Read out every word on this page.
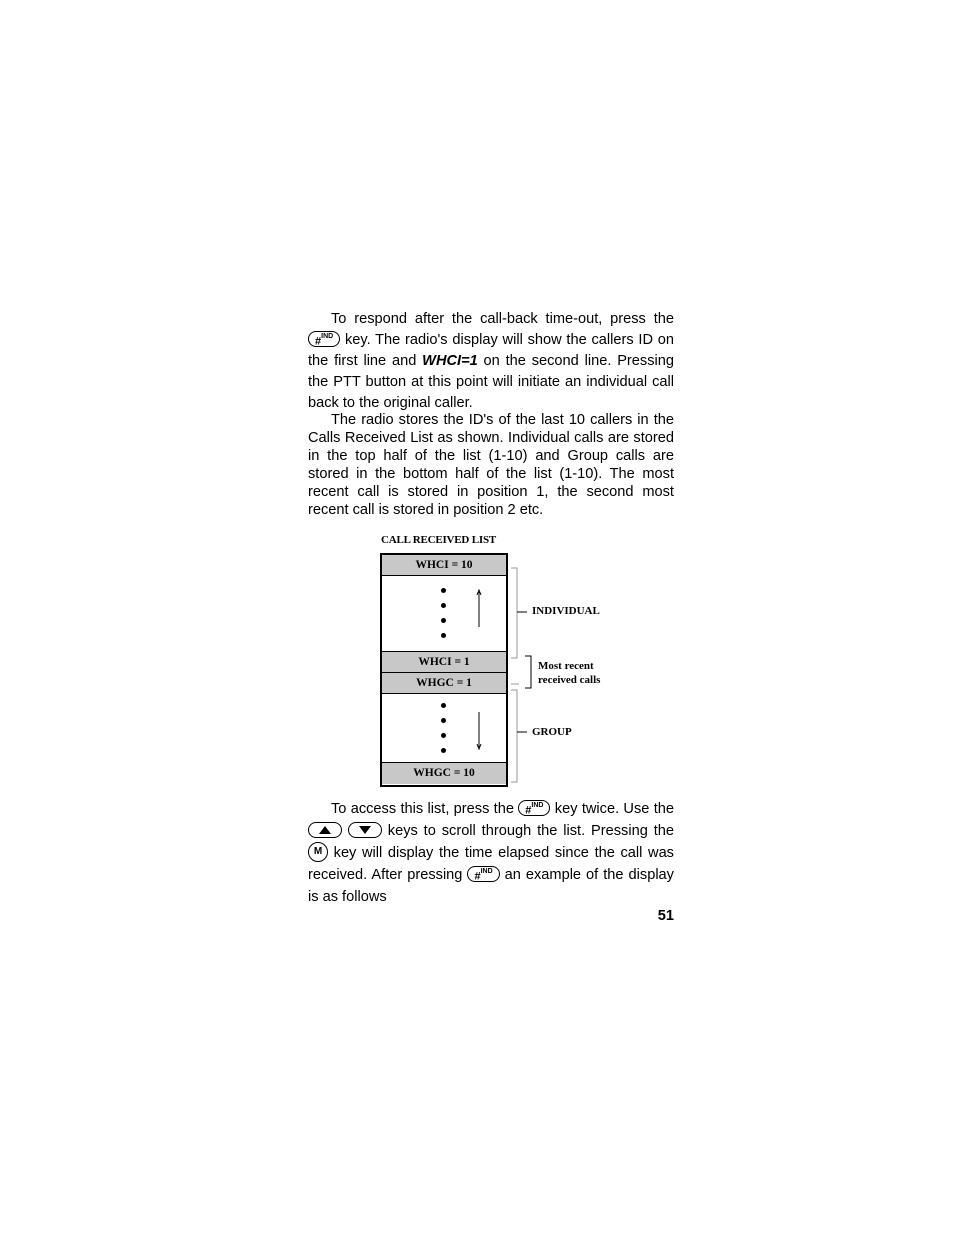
To respond after the call-back time-out, press the #$^{IND}$ key. The radio's display will show the callers ID on the first line and WHCI=1 on the second line. Pressing the PTT button at this point will initiate an individual call back to the original caller.

The radio stores the ID's of the last 10 callers in the Calls Received List as shown. Individual calls are stored in the top half of the list (1-10) and Group calls are stored in the bottom half of the list (1-10). The most recent call is stored in position 1, the second most recent call is stored in position 2 etc.

CALL RECEIVED LIST
WHCI = 10
WHCI = 1
WHGC = 1
WHGC = 10
INDIVIDUAL
Most recent
received calls
GROUP

To access this list, press the #$^{IND}$ key twice. Use the

keys to scroll through the list. Pressing the M key will display the time elapsed since the call was received. After pressing #$^{IND}$ an example of the display is as follows

51
